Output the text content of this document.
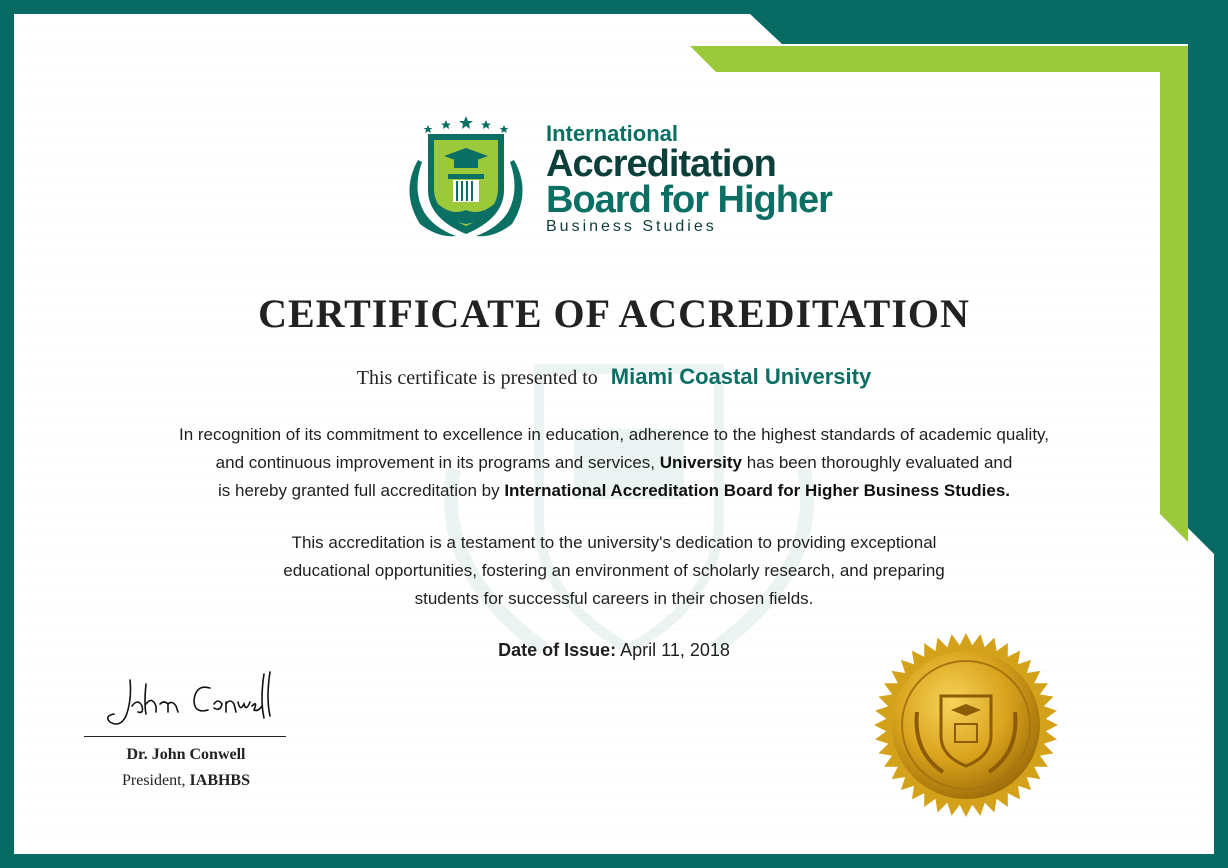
International
Accreditation
Board for Higher
Business Studies
CERTIFICATE OF ACCREDITATION
This certificate is presented to Miami Coastal University
In recognition of its commitment to excellence in education, adherence to the highest standards of academic quality,
and continuous improvement in its programs and services, University has been thoroughly evaluated and
is hereby granted full accreditation by International Accreditation Board for Higher Business Studies.
This accreditation is a testament to the university's dedication to providing exceptional
educational opportunities, fostering an environment of scholarly research, and preparing
students for successful careers in their chosen fields.
Date of Issue: April 11, 2018
Dr. John Conwell
President, IABHBS
